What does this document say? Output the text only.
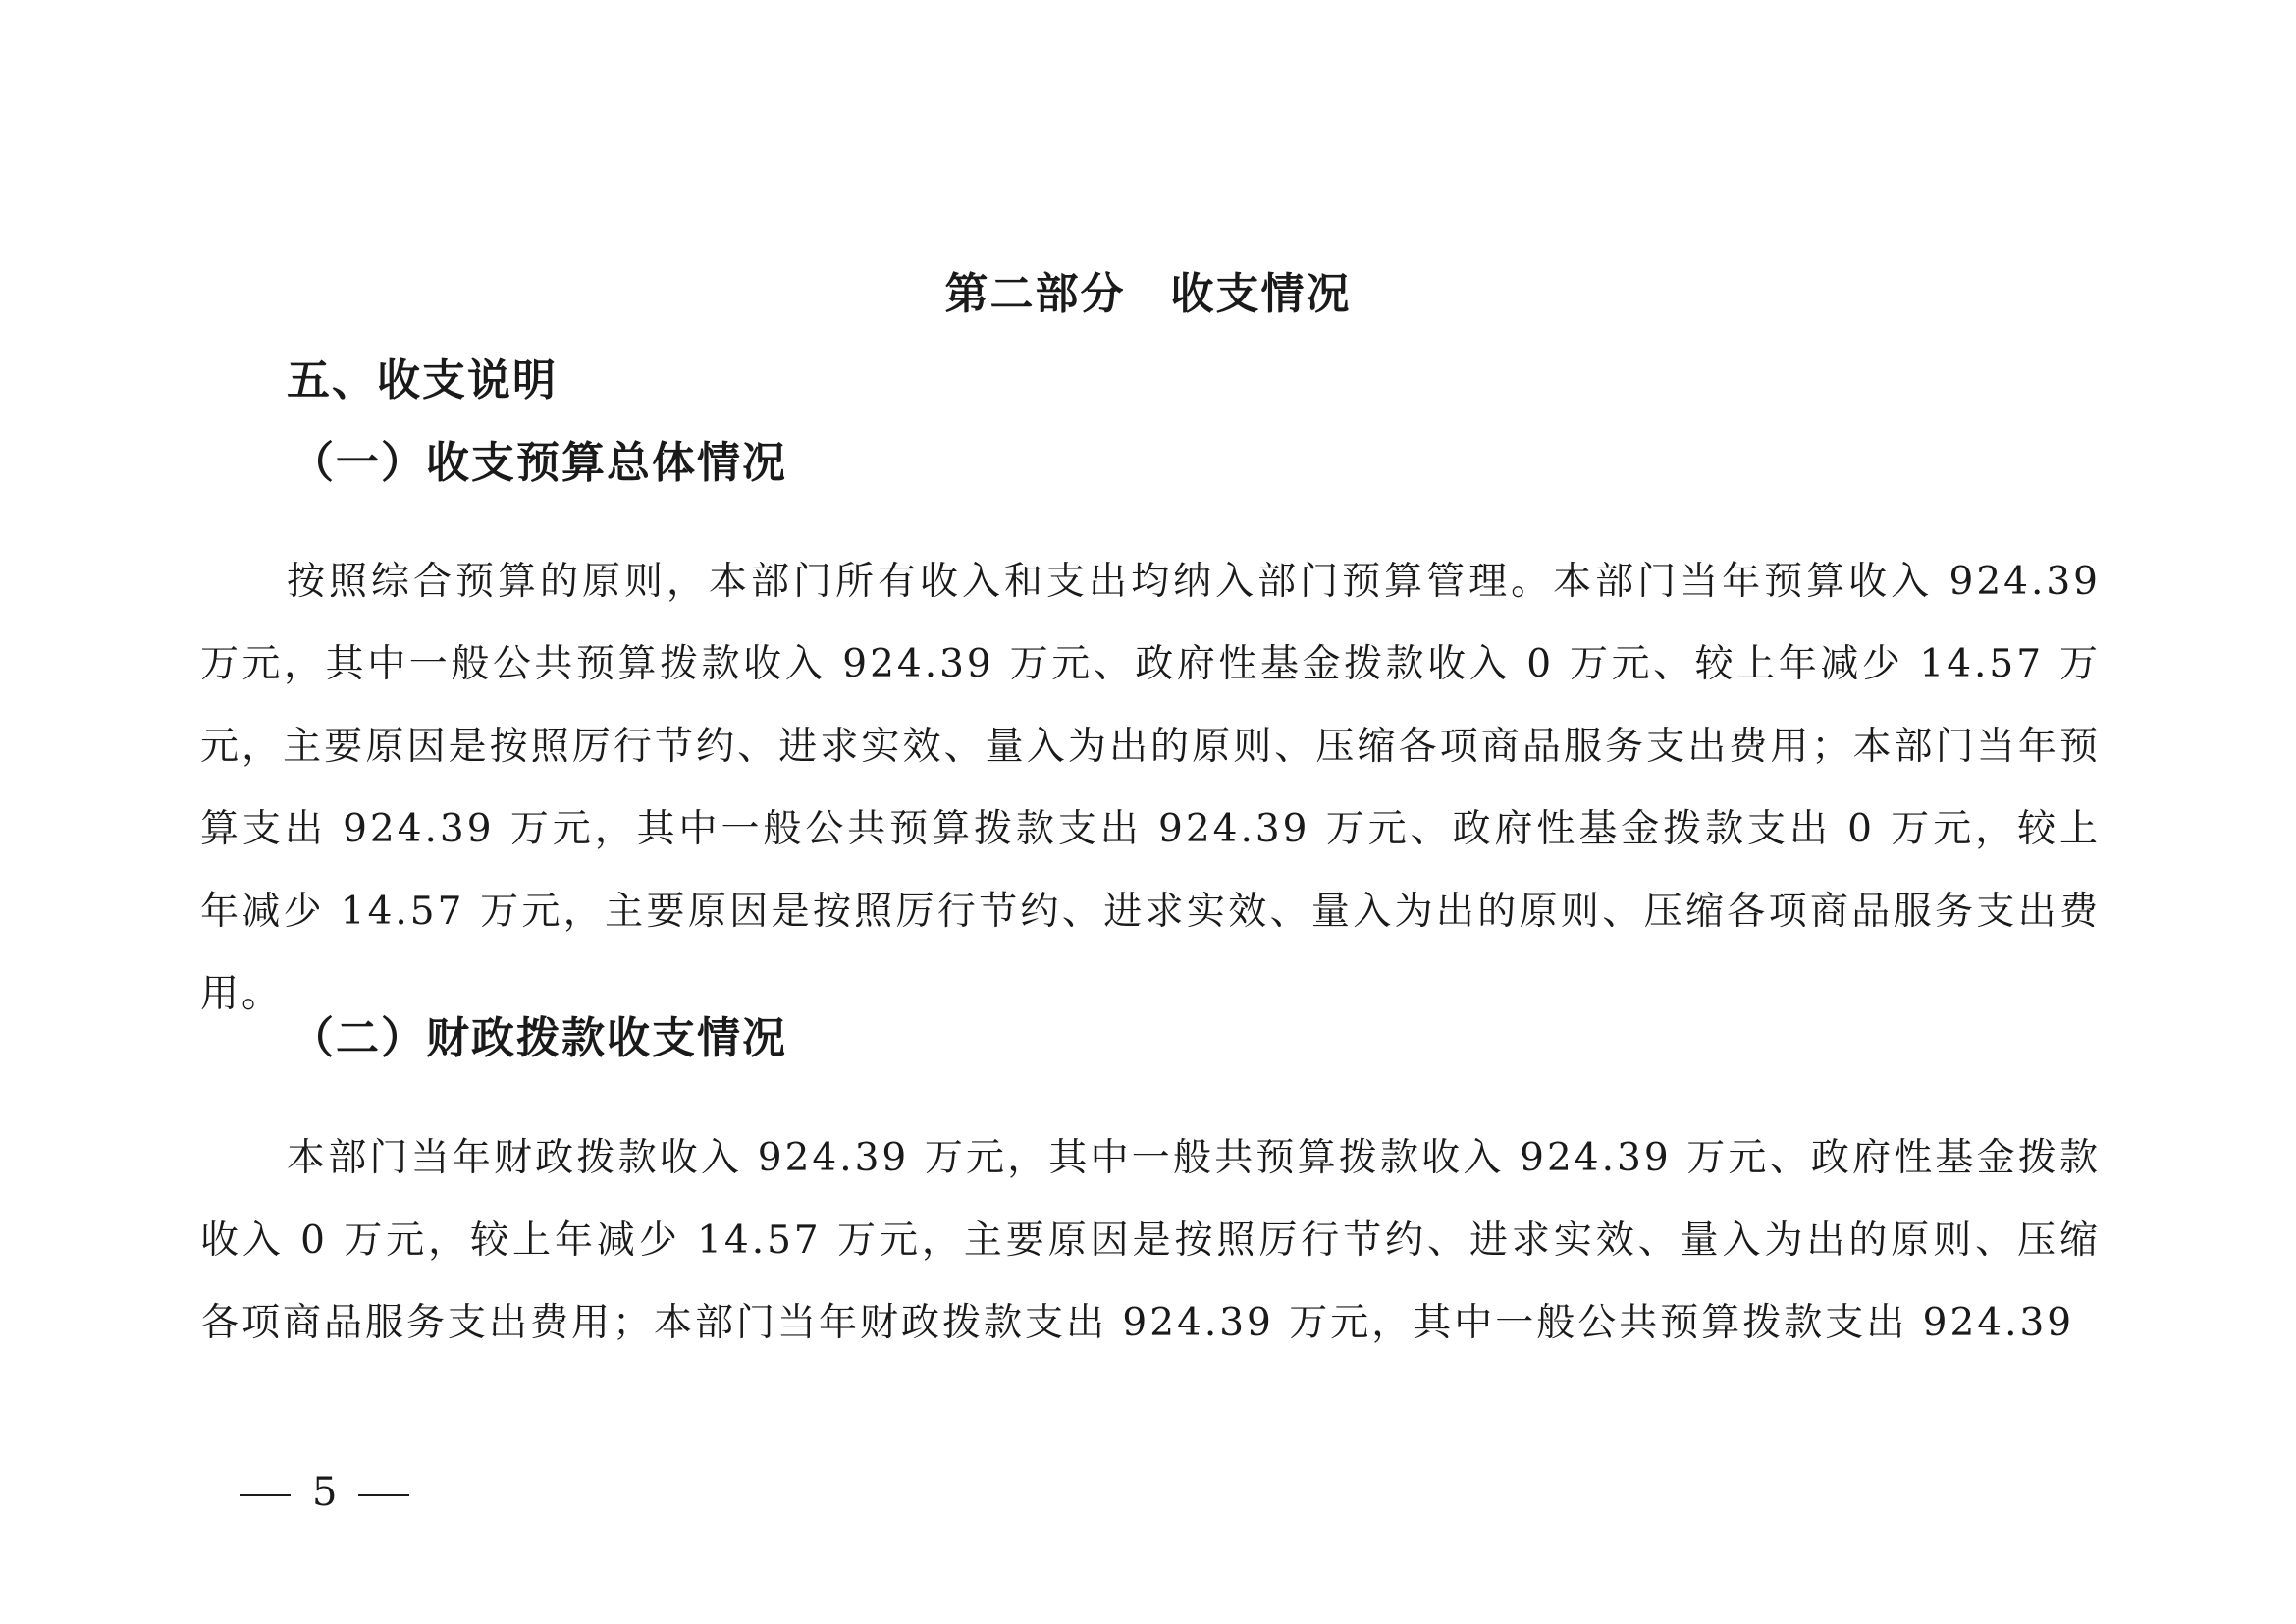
第二部分 收支情况
五、收支说明
（一）收支预算总体情况

按照综合预算的原则，本部门所有收入和支出均纳入部门预算管理。本部门当年预算收入 924.39 万元，其中一般公共预算拨款收入 924.39 万元、政府性基金拨款收入 0 万元、较上年减少 14.57 万元，主要原因是按照厉行节约、进求实效、量入为出的原则、压缩各项商品服务支出费用；本部门当年预算支出 924.39 万元，其中一般公共预算拨款支出 924.39 万元、政府性基金拨款支出 0 万元，较上年减少 14.57 万元，主要原因是按照厉行节约、进求实效、量入为出的原则、压缩各项商品服务支出费用。

（二）财政拨款收支情况

本部门当年财政拨款收入 924.39 万元，其中一般共预算拨款收入 924.39 万元、政府性基金拨款收入 0 万元，较上年减少 14.57 万元，主要原因是按照厉行节约、进求实效、量入为出的原则、压缩各项商品服务支出费用；本部门当年财政拨款支出 924.39 万元，其中一般公共预算拨款支出 924.39

5
